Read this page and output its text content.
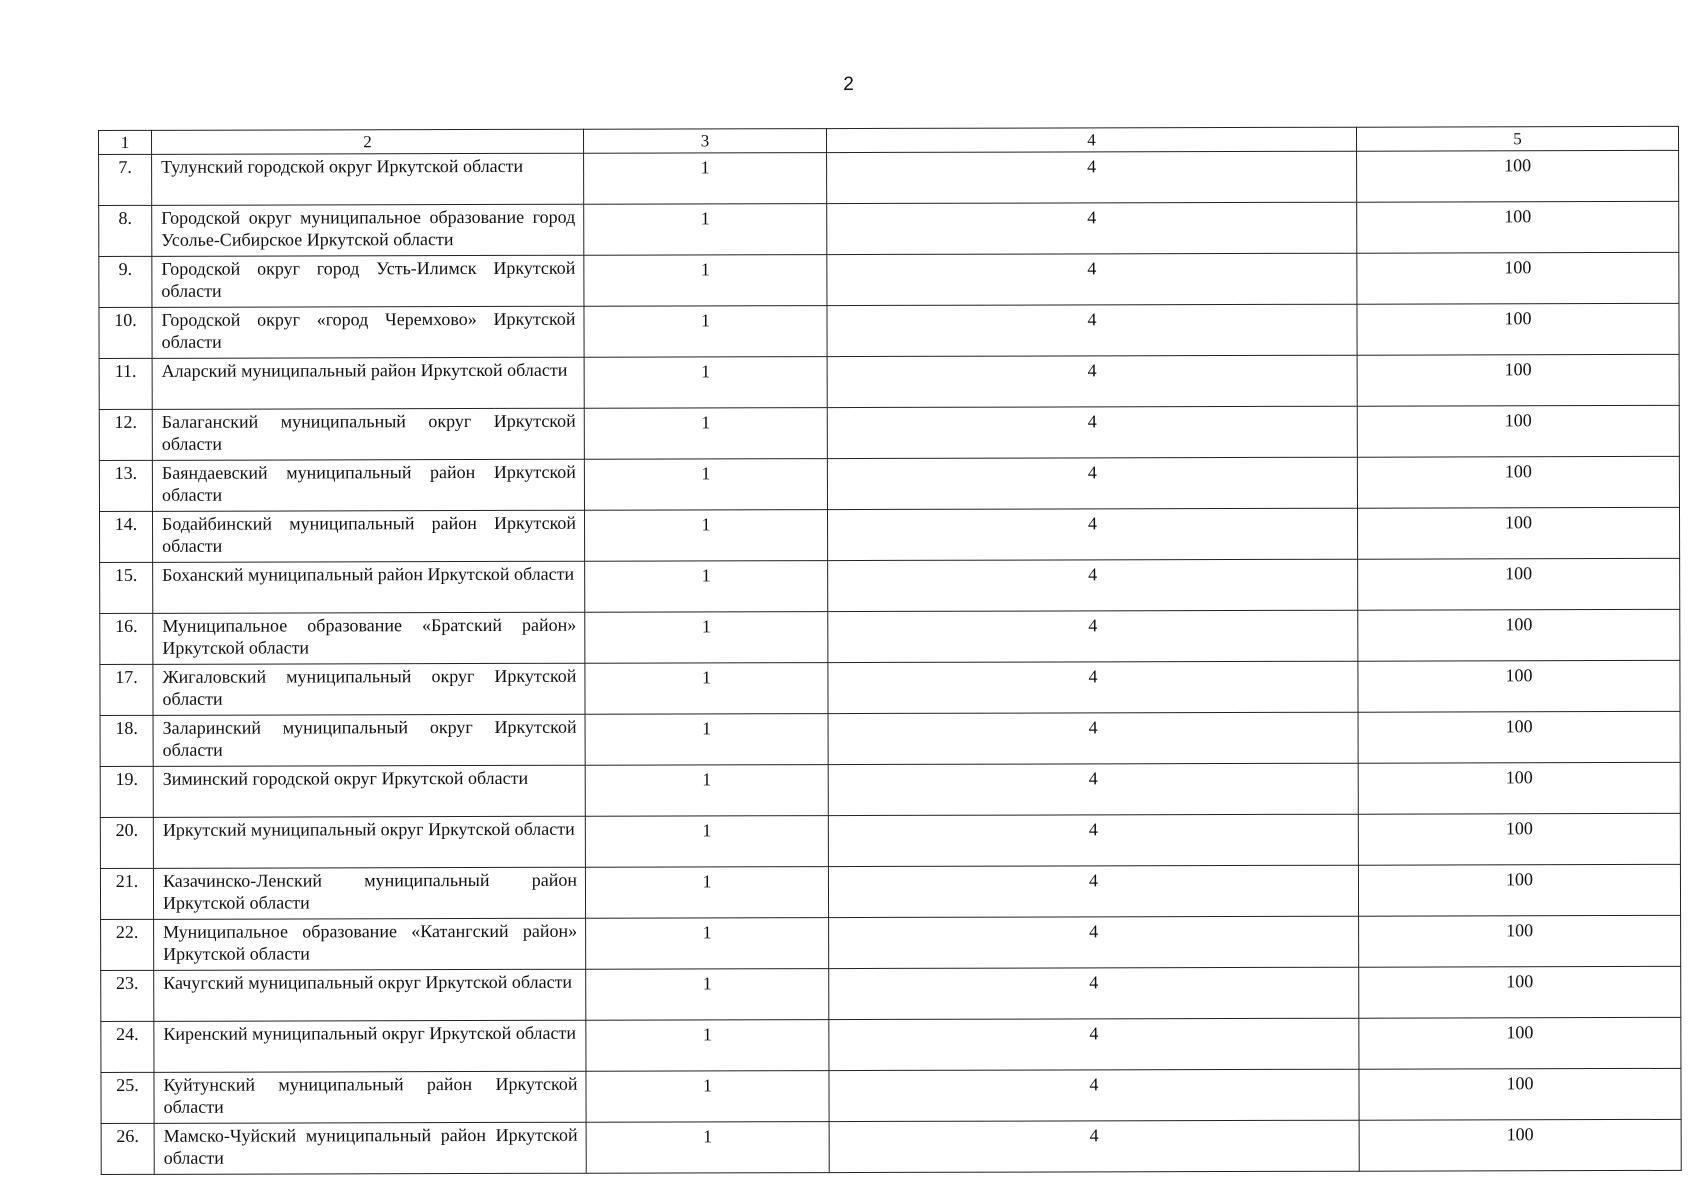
2
1	2	3	4	5
7.	Тулунский городской округ Иркутской области	1	4	100
8.	Городской округ муниципальное образование город Усолье-Сибирское Иркутской области	1	4	100
9.	Городской округ город Усть-Илимск Иркутской области	1	4	100
10.	Городской округ «город Черемхово» Иркутской области	1	4	100
11.	Аларский муниципальный район Иркутской области	1	4	100
12.	Балаганский муниципальный округ Иркутской области	1	4	100
13.	Баяндаевский муниципальный район Иркутской области	1	4	100
14.	Бодайбинский муниципальный район Иркутской области	1	4	100
15.	Боханский муниципальный район Иркутской области	1	4	100
16.	Муниципальное образование «Братский район» Иркутской области	1	4	100
17.	Жигаловский муниципальный округ Иркутской области	1	4	100
18.	Заларинский муниципальный округ Иркутской области	1	4	100
19.	Зиминский городской округ Иркутской области	1	4	100
20.	Иркутский муниципальный округ Иркутской области	1	4	100
21.	Казачинско-Ленский муниципальный район Иркутской области	1	4	100
22.	Муниципальное образование «Катангский район» Иркутской области	1	4	100
23.	Качугский муниципальный округ Иркутской области	1	4	100
24.	Киренский муниципальный округ Иркутской области	1	4	100
25.	Куйтунский муниципальный район Иркутской области	1	4	100
26.	Мамско-Чуйский муниципальный район Иркутской области	1	4	100
